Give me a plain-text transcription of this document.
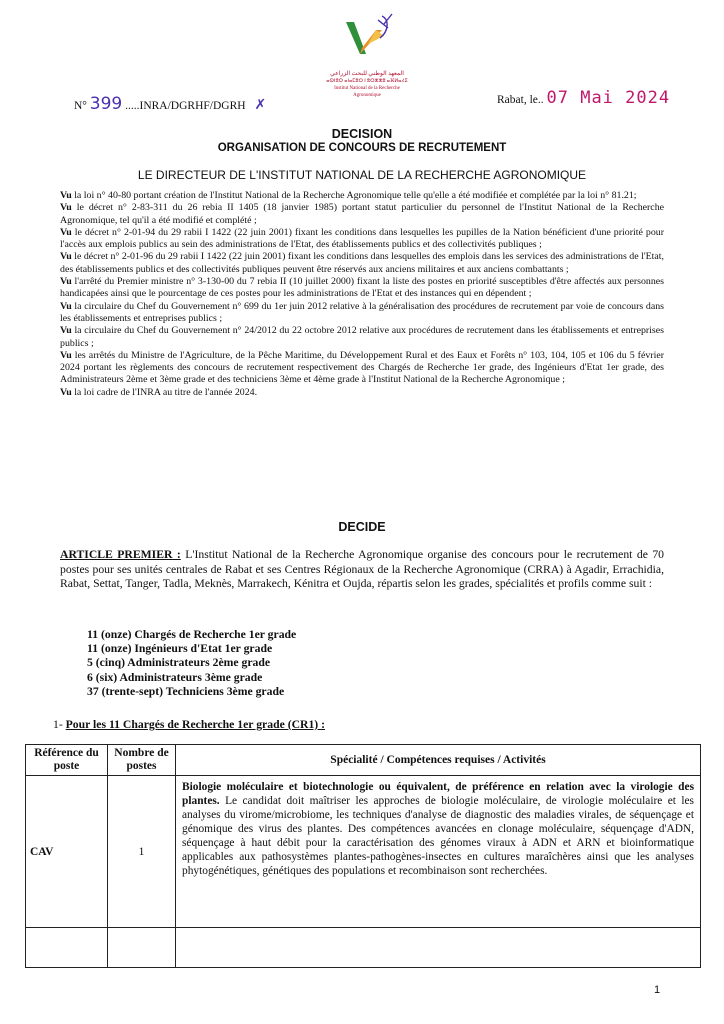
المعهد الوطني للبحث الزراعي
ⴰⵙⵏⵓⵔ ⴰⵏⴰⵎⵓⵔ ⵏ ⵓⵔⵣⵣⵓ ⴰⴼⵍⴰⵃⵉ
Institut National de la Recherche Agronomique
N° 399 .....INRA/DGRHF/DGRH ✗	Rabat, le.. 07 Mai 2024
DECISION
ORGANISATION DE CONCOURS DE RECRUTEMENT
LE DIRECTEUR DE L'INSTITUT NATIONAL DE LA RECHERCHE AGRONOMIQUE

Vu la loi n° 40-80 portant création de l'Institut National de la Recherche Agronomique telle qu'elle a été modifiée et complétée par la loi n° 81.21;

Vu le décret n° 2-83-311 du 26 rebia II 1405 (18 janvier 1985) portant statut particulier du personnel de l'Institut National de la Recherche Agronomique, tel qu'il a été modifié et complété ;

Vu le décret n° 2-01-94 du 29 rabii I 1422 (22 juin 2001) fixant les conditions dans lesquelles les pupilles de la Nation bénéficient d'une priorité pour l'accès aux emplois publics au sein des administrations de l'Etat, des établissements publics et des collectivités publiques ;

Vu le décret n° 2-01-96 du 29 rabii I 1422 (22 juin 2001) fixant les conditions dans lesquelles des emplois dans les services des administrations de l'Etat, des établissements publics et des collectivités publiques peuvent être réservés aux anciens militaires et aux anciens combattants ;

Vu l'arrêté du Premier ministre n° 3-130-00 du 7 rebia II (10 juillet 2000) fixant la liste des postes en priorité susceptibles d'être affectés aux personnes handicapées ainsi que le pourcentage de ces postes pour les administrations de l'Etat et des instances qui en dépendent ;

Vu la circulaire du Chef du Gouvernement n° 699 du 1er juin 2012 relative à la généralisation des procédures de recrutement par voie de concours dans les établissements et entreprises publics ;

Vu la circulaire du Chef du Gouvernement n° 24/2012 du 22 octobre 2012 relative aux procédures de recrutement dans les établissements et entreprises publics ;

Vu les arrêtés du Ministre de l'Agriculture, de la Pêche Maritime, du Développement Rural et des Eaux et Forêts n° 103, 104, 105 et 106 du 5 février 2024 portant les règlements des concours de recrutement respectivement des Chargés de Recherche 1er grade, des Ingénieurs d'Etat 1er grade, des Administrateurs 2ème et 3ème grade et des techniciens 3ème et 4ème grade à l'Institut National de la Recherche Agronomique ;

Vu la loi cadre de l'INRA au titre de l'année 2024.

DECIDE
ARTICLE PREMIER : L'Institut National de la Recherche Agronomique organise des concours pour le recrutement de 70 postes pour ses unités centrales de Rabat et ses Centres Régionaux de la Recherche Agronomique (CRRA) à Agadir, Errachidia, Rabat, Settat, Tanger, Tadla, Meknès, Marrakech, Kénitra et Oujda, répartis selon les grades, spécialités et profils comme suit :
11 (onze) Chargés de Recherche 1er grade
11 (onze) Ingénieurs d'Etat 1er grade
5 (cinq) Administrateurs 2ème grade
6 (six) Administrateurs 3ème grade
37 (trente-sept) Techniciens 3ème grade
1- Pour les 11 Chargés de Recherche 1er grade (CR1) :
Référence du poste	Nombre de postes	Spécialité / Compétences requises / Activités
CAV	1	Biologie moléculaire et biotechnologie ou équivalent, de préférence en relation avec la virologie des plantes. Le candidat doit maîtriser les approches de biologie moléculaire, de virologie moléculaire et les analyses du virome/microbiome, les techniques d'analyse de diagnostic des maladies virales, de séquençage et génomique des virus des plantes. Des compétences avancées en clonage moléculaire, séquençage d'ADN, séquençage à haut débit pour la caractérisation des génomes viraux à ADN et ARN et bioinformatique applicables aux pathosystèmes plantes-pathogènes-insectes en cultures maraîchères ainsi que les analyses phytogénétiques, génétiques des populations et recombinaison sont recherchées.

1
